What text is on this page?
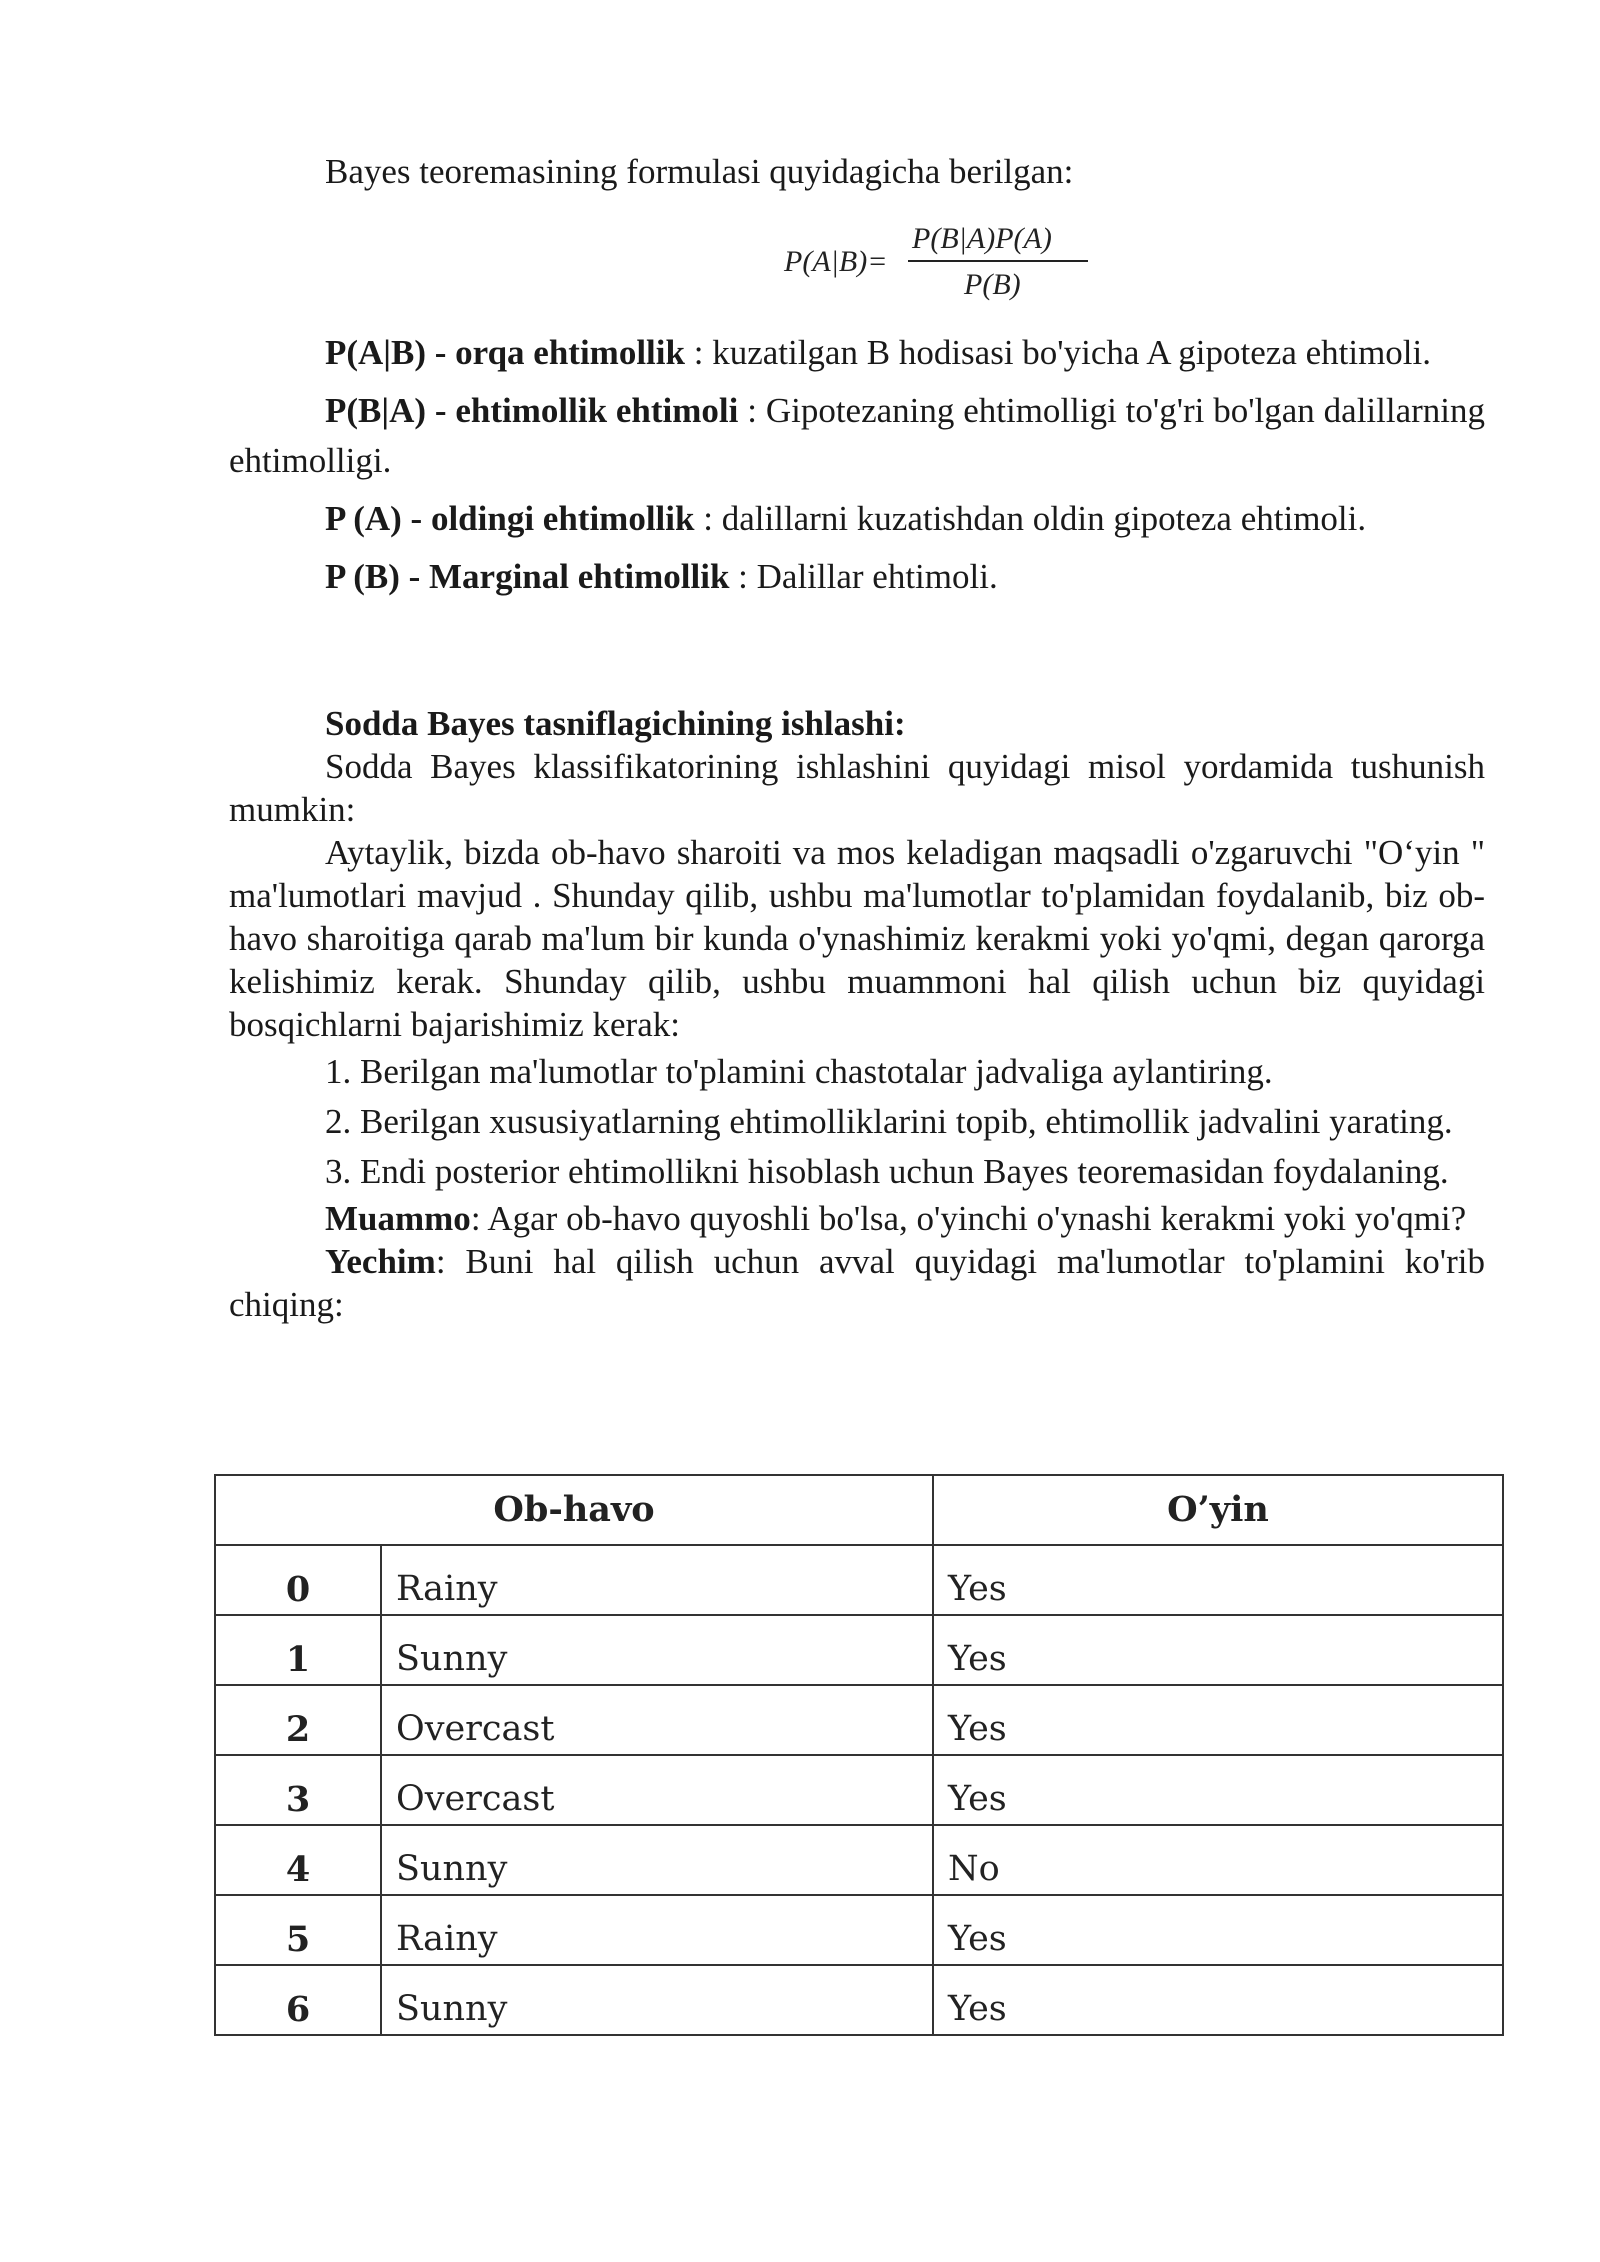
Bayes teoremasining formulasi quyidagicha berilgan:

P(A|B)=
P(B|A)P(A)
P(B)

P(A|B) - orqa ehtimollik : kuzatilgan B hodisasi bo'yicha A gipoteza ehtimoli.

P(B|A) - ehtimollik ehtimoli : Gipotezaning ehtimolligi to'g'ri bo'lgan dalillarning ehtimolligi.

P (A) - oldingi ehtimollik : dalillarni kuzatishdan oldin gipoteza ehtimoli.

P (B) - Marginal ehtimollik : Dalillar ehtimoli.

Sodda Bayes tasniflagichining ishlashi:

Sodda Bayes klassifikatorining ishlashini quyidagi misol yordamida tushunish mumkin:

Aytaylik, bizda ob-havo sharoiti va mos keladigan maqsadli o'zgaruvchi "O‘yin " ma'lumotlari mavjud . Shunday qilib, ushbu ma'lumotlar to'plamidan foydalanib, biz ob-havo sharoitiga qarab ma'lum bir kunda o'ynashimiz kerakmi yoki yo'qmi, degan qarorga kelishimiz kerak. Shunday qilib, ushbu muammoni hal qilish uchun biz quyidagi bosqichlarni bajarishimiz kerak:

1. Berilgan ma'lumotlar to'plamini chastotalar jadvaliga aylantiring.

2. Berilgan xususiyatlarning ehtimolliklarini topib, ehtimollik jadvalini yarating.

3. Endi posterior ehtimollikni hisoblash uchun Bayes teoremasidan foydalaning.

Muammo: Agar ob-havo quyoshli bo'lsa, o'yinchi o'ynashi kerakmi yoki yo'qmi?

Yechim: Buni hal qilish uchun avval quyidagi ma'lumotlar to'plamini ko'rib chiqing:

Ob-havo		O’yin
0	Rainy	Yes
1	Sunny	Yes
2	Overcast	Yes
3	Overcast	Yes
4	Sunny	No
5	Rainy	Yes
6	Sunny	Yes
